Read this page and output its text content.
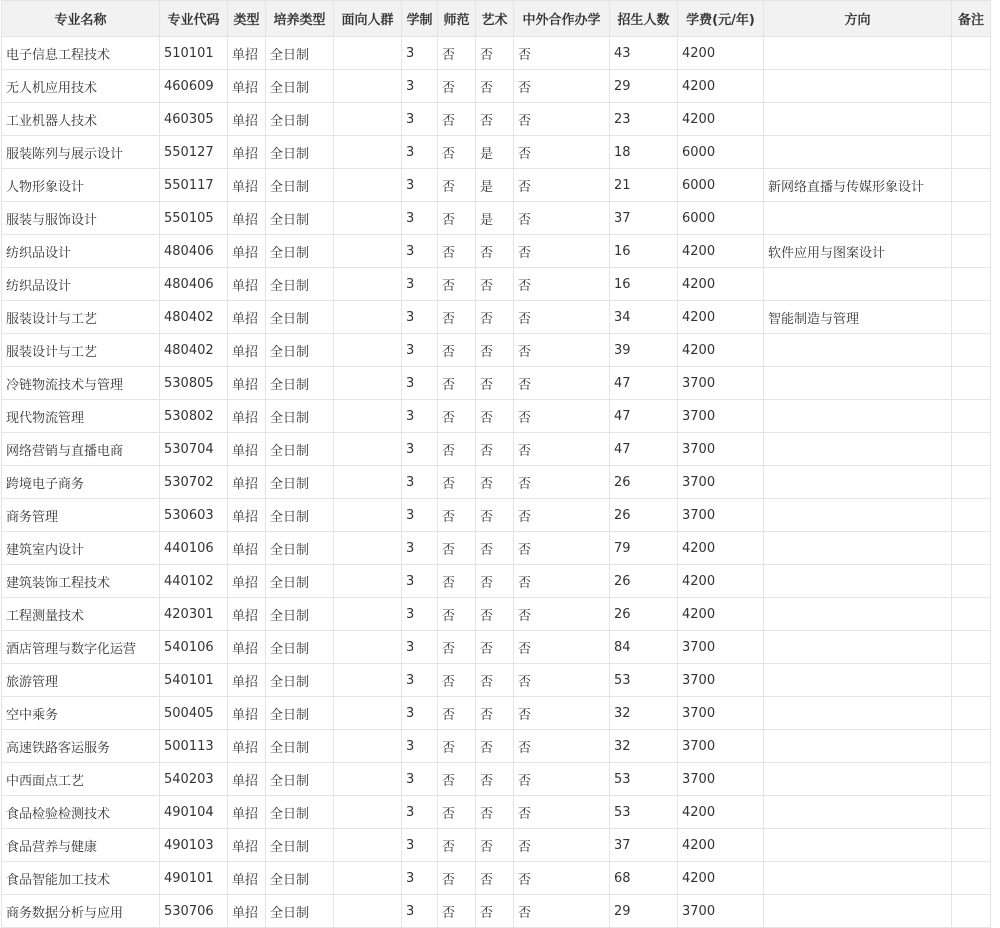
专业名称	专业代码	类型	培养类型	面向人群	学制	师范	艺术	中外合作办学	招生人数	学费(元/年)	方向	备注
电子信息工程技术	510101	单招	全日制		3	否	否	否	43	4200		
无人机应用技术	460609	单招	全日制		3	否	否	否	29	4200		
工业机器人技术	460305	单招	全日制		3	否	否	否	23	4200		
服装陈列与展示设计	550127	单招	全日制		3	否	是	否	18	6000		
人物形象设计	550117	单招	全日制		3	否	是	否	21	6000	新网络直播与传媒形象设计	
服装与服饰设计	550105	单招	全日制		3	否	是	否	37	6000		
纺织品设计	480406	单招	全日制		3	否	否	否	16	4200	软件应用与图案设计	
纺织品设计	480406	单招	全日制		3	否	否	否	16	4200		
服装设计与工艺	480402	单招	全日制		3	否	否	否	34	4200	智能制造与管理	
服装设计与工艺	480402	单招	全日制		3	否	否	否	39	4200		
冷链物流技术与管理	530805	单招	全日制		3	否	否	否	47	3700		
现代物流管理	530802	单招	全日制		3	否	否	否	47	3700		
网络营销与直播电商	530704	单招	全日制		3	否	否	否	47	3700		
跨境电子商务	530702	单招	全日制		3	否	否	否	26	3700		
商务管理	530603	单招	全日制		3	否	否	否	26	3700		
建筑室内设计	440106	单招	全日制		3	否	否	否	79	4200		
建筑装饰工程技术	440102	单招	全日制		3	否	否	否	26	4200		
工程测量技术	420301	单招	全日制		3	否	否	否	26	4200		
酒店管理与数字化运营	540106	单招	全日制		3	否	否	否	84	3700		
旅游管理	540101	单招	全日制		3	否	否	否	53	3700		
空中乘务	500405	单招	全日制		3	否	否	否	32	3700		
高速铁路客运服务	500113	单招	全日制		3	否	否	否	32	3700		
中西面点工艺	540203	单招	全日制		3	否	否	否	53	3700		
食品检验检测技术	490104	单招	全日制		3	否	否	否	53	4200		
食品营养与健康	490103	单招	全日制		3	否	否	否	37	4200		
食品智能加工技术	490101	单招	全日制		3	否	否	否	68	4200		
商务数据分析与应用	530706	单招	全日制		3	否	否	否	29	3700		
